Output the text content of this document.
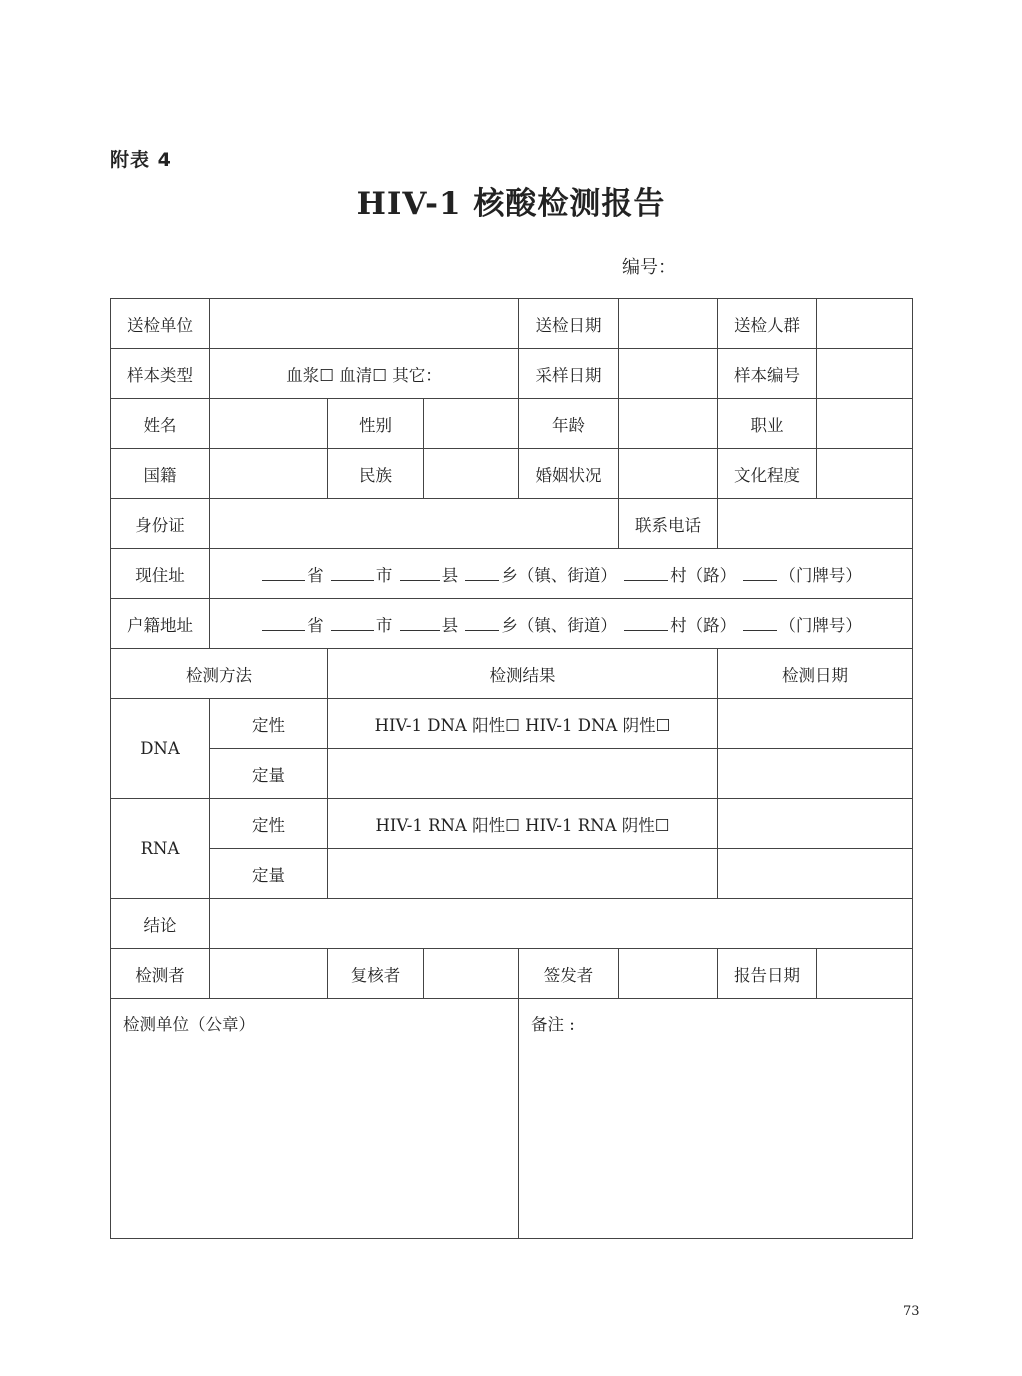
附表 4
HIV-1 核酸检测报告
编号：
送检单位				送检日期		送检人群	
样本类型	血浆☐ 血清☐ 其它：			采样日期		样本编号	
姓名		性别		年龄		职业	
国籍		民族		婚姻状况		文化程度	
身份证					联系电话		
现住址	省 市 县 乡（镇、街道） 村（路） （门牌号）						
户籍地址	省 市 县 乡（镇、街道） 村（路） （门牌号）						
检测方法		检测结果				检测日期	
DNA	定性	HIV-1 DNA 阳性☐ HIV-1 DNA 阴性☐					
	定量						
RNA	定性	HIV-1 RNA 阳性☐ HIV-1 RNA 阴性☐					
	定量						
结论							
检测者		复核者		签发者		报告日期	
检测单位（公章）				备注 :			
73
